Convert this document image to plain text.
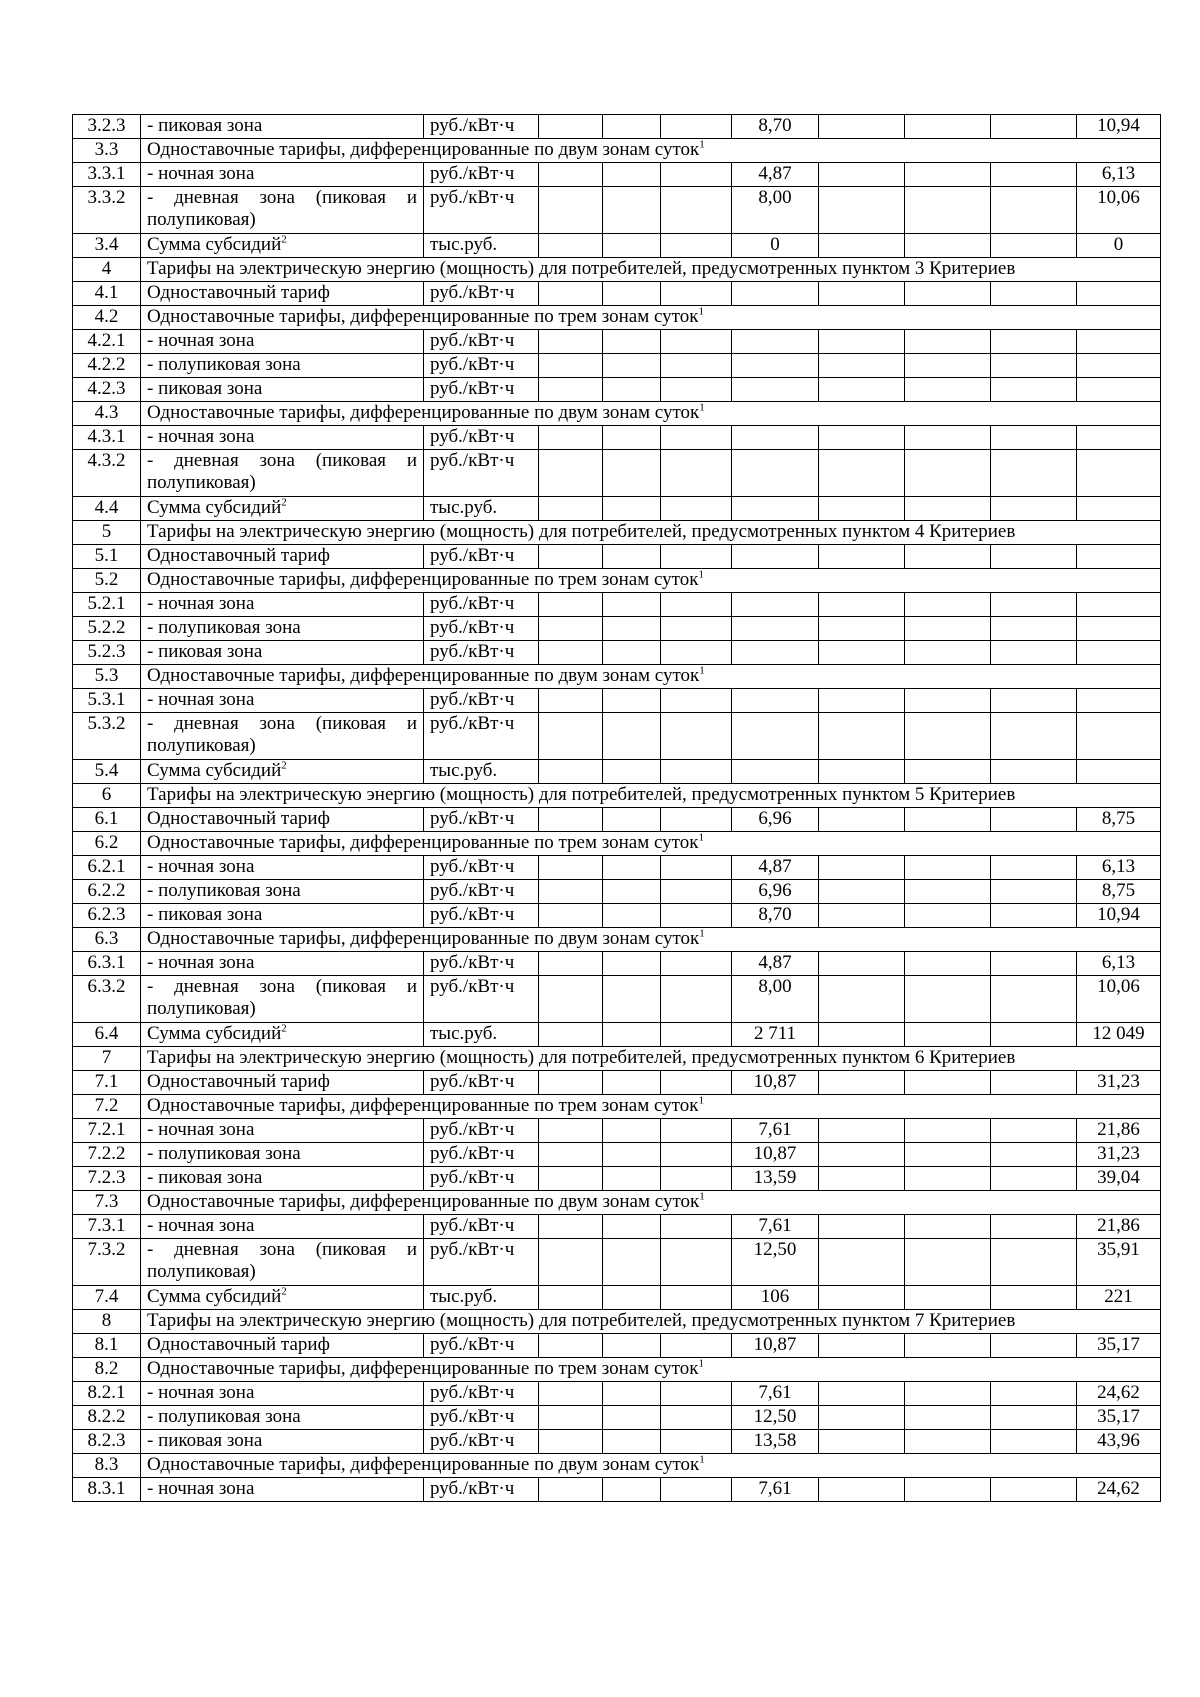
3.2.3	- пиковая зона	руб./кВт·ч				8,70				10,94
3.3	Одноставочные тарифы, дифференцированные по двум зонам суток$^1$
3.3.1	- ночная зона	руб./кВт·ч				4,87				6,13
3.3.2	- дневная зона (пиковая и полупиковая)	руб./кВт·ч				8,00				10,06
3.4	Сумма субсидий$^2$	тыс.руб.				0				0
4	Тарифы на электрическую энергию (мощность) для потребителей, предусмотренных пунктом 3 Критериев									
4.1	Одноставочный тариф	руб./кВт·ч								
4.2	Одноставочные тарифы, дифференцированные по трем зонам суток$^1$
4.2.1	- ночная зона	руб./кВт·ч								
4.2.2	- полупиковая зона	руб./кВт·ч								
4.2.3	- пиковая зона	руб./кВт·ч								
4.3	Одноставочные тарифы, дифференцированные по двум зонам суток$^1$
4.3.1	- ночная зона	руб./кВт·ч								
4.3.2	- дневная зона (пиковая и полупиковая)	руб./кВт·ч								
4.4	Сумма субсидий$^2$	тыс.руб.								
5	Тарифы на электрическую энергию (мощность) для потребителей, предусмотренных пунктом 4 Критериев									
5.1	Одноставочный тариф	руб./кВт·ч								
5.2	Одноставочные тарифы, дифференцированные по трем зонам суток$^1$
5.2.1	- ночная зона	руб./кВт·ч								
5.2.2	- полупиковая зона	руб./кВт·ч								
5.2.3	- пиковая зона	руб./кВт·ч								
5.3	Одноставочные тарифы, дифференцированные по двум зонам суток$^1$
5.3.1	- ночная зона	руб./кВт·ч								
5.3.2	- дневная зона (пиковая и полупиковая)	руб./кВт·ч								
5.4	Сумма субсидий$^2$	тыс.руб.								
6	Тарифы на электрическую энергию (мощность) для потребителей, предусмотренных пунктом 5 Критериев									
6.1	Одноставочный тариф	руб./кВт·ч				6,96				8,75
6.2	Одноставочные тарифы, дифференцированные по трем зонам суток$^1$
6.2.1	- ночная зона	руб./кВт·ч				4,87				6,13
6.2.2	- полупиковая зона	руб./кВт·ч				6,96				8,75
6.2.3	- пиковая зона	руб./кВт·ч				8,70				10,94
6.3	Одноставочные тарифы, дифференцированные по двум зонам суток$^1$
6.3.1	- ночная зона	руб./кВт·ч				4,87				6,13
6.3.2	- дневная зона (пиковая и полупиковая)	руб./кВт·ч				8,00				10,06
6.4	Сумма субсидий$^2$	тыс.руб.				2 711				12 049
7	Тарифы на электрическую энергию (мощность) для потребителей, предусмотренных пунктом 6 Критериев									
7.1	Одноставочный тариф	руб./кВт·ч				10,87				31,23
7.2	Одноставочные тарифы, дифференцированные по трем зонам суток$^1$
7.2.1	- ночная зона	руб./кВт·ч				7,61				21,86
7.2.2	- полупиковая зона	руб./кВт·ч				10,87				31,23
7.2.3	- пиковая зона	руб./кВт·ч				13,59				39,04
7.3	Одноставочные тарифы, дифференцированные по двум зонам суток$^1$
7.3.1	- ночная зона	руб./кВт·ч				7,61				21,86
7.3.2	- дневная зона (пиковая и полупиковая)	руб./кВт·ч				12,50				35,91
7.4	Сумма субсидий$^2$	тыс.руб.				106				221
8	Тарифы на электрическую энергию (мощность) для потребителей, предусмотренных пунктом 7 Критериев									
8.1	Одноставочный тариф	руб./кВт·ч				10,87				35,17
8.2	Одноставочные тарифы, дифференцированные по трем зонам суток$^1$
8.2.1	- ночная зона	руб./кВт·ч				7,61				24,62
8.2.2	- полупиковая зона	руб./кВт·ч				12,50				35,17
8.2.3	- пиковая зона	руб./кВт·ч				13,58				43,96
8.3	Одноставочные тарифы, дифференцированные по двум зонам суток$^1$
8.3.1	- ночная зона	руб./кВт·ч				7,61				24,62
